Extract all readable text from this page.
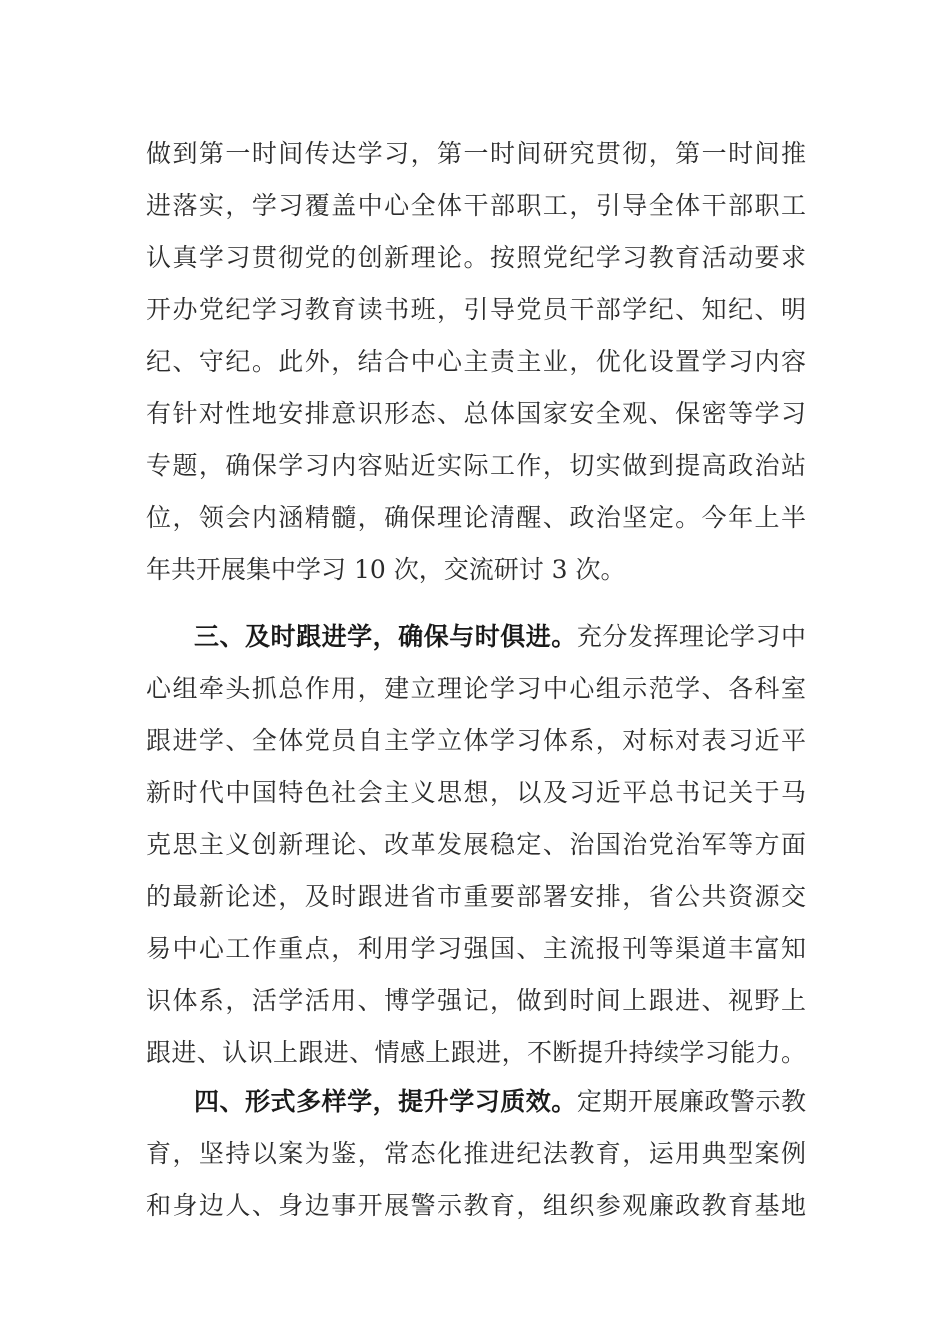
做到第一时间传达学习，第一时间研究贯彻，第一时间推
进落实，学习覆盖中心全体干部职工，引导全体干部职工
认真学习贯彻党的创新理论。按照党纪学习教育活动要求
开办党纪学习教育读书班，引导党员干部学纪、知纪、明
纪、守纪。此外，结合中心主责主业，优化设置学习内容
有针对性地安排意识形态、总体国家安全观、保密等学习
专题，确保学习内容贴近实际工作，切实做到提高政治站
位，领会内涵精髓，确保理论清醒、政治坚定。今年上半
年共开展集中学习 10 次，交流研讨 3 次。
三、及时跟进学，确保与时俱进。充分发挥理论学习中
心组牵头抓总作用，建立理论学习中心组示范学、各科室
跟进学、全体党员自主学立体学习体系，对标对表习近平
新时代中国特色社会主义思想，以及习近平总书记关于马
克思主义创新理论、改革发展稳定、治国治党治军等方面
的最新论述，及时跟进省市重要部署安排，省公共资源交
易中心工作重点，利用学习强国、主流报刊等渠道丰富知
识体系，活学活用、博学强记，做到时间上跟进、视野上
跟进、认识上跟进、情感上跟进，不断提升持续学习能力。
四、形式多样学，提升学习质效。定期开展廉政警示教
育，坚持以案为鉴，常态化推进纪法教育，运用典型案例
和身边人、身边事开展警示教育，组织参观廉政教育基地
